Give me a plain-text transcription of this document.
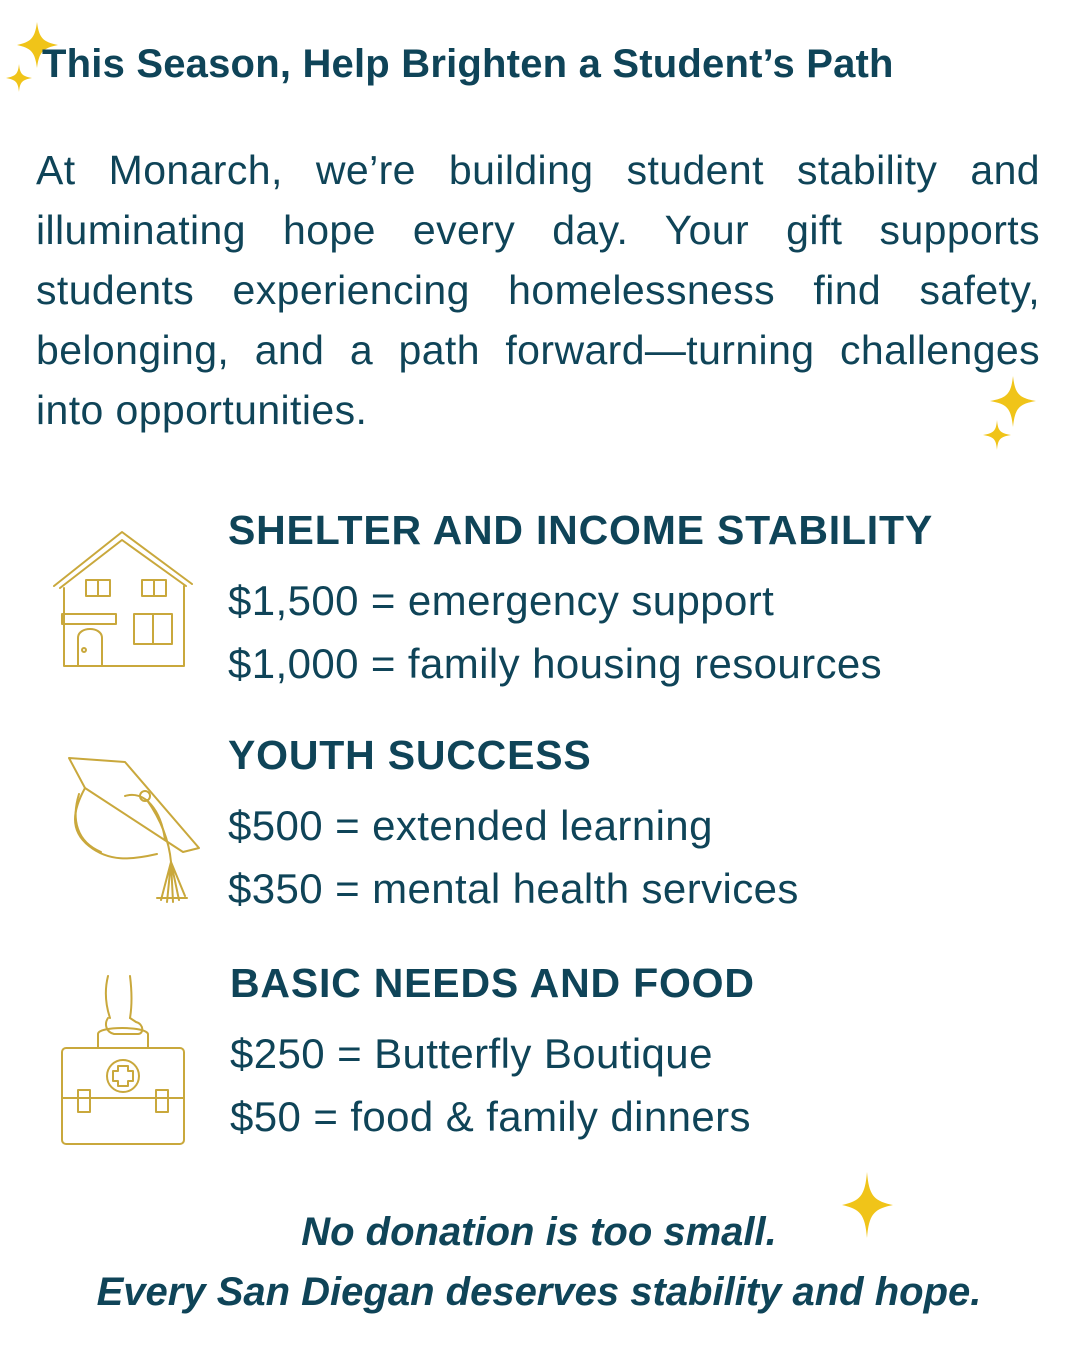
This Season, Help Brighten a Student’s Path
At Monarch, we’re building student stability and illuminating hope every day. Your gift supports students experiencing homelessness find safety, belonging, and a path forward—turning challenges into opportunities.
SHELTER AND INCOME STABILITY
$1,500 = emergency support
$1,000 = family housing resources
YOUTH SUCCESS
$500 = extended learning
$350 = mental health services
BASIC NEEDS AND FOOD
$250 = Butterfly Boutique
$50 = food & family dinners
No donation is too small.
Every San Diegan deserves stability and hope.
